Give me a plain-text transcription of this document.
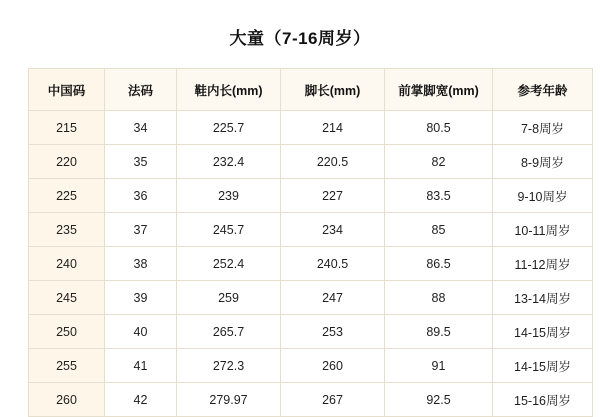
大童（7-16周岁）
中国码	法码	鞋内长(mm)	脚长(mm)	前掌脚宽(mm)	参考年龄
215	34	225.7	214	80.5	7-8周岁
220	35	232.4	220.5	82	8-9周岁
225	36	239	227	83.5	9-10周岁
235	37	245.7	234	85	10-11周岁
240	38	252.4	240.5	86.5	11-12周岁
245	39	259	247	88	13-14周岁
250	40	265.7	253	89.5	14-15周岁
255	41	272.3	260	91	14-15周岁
260	42	279.97	267	92.5	15-16周岁
